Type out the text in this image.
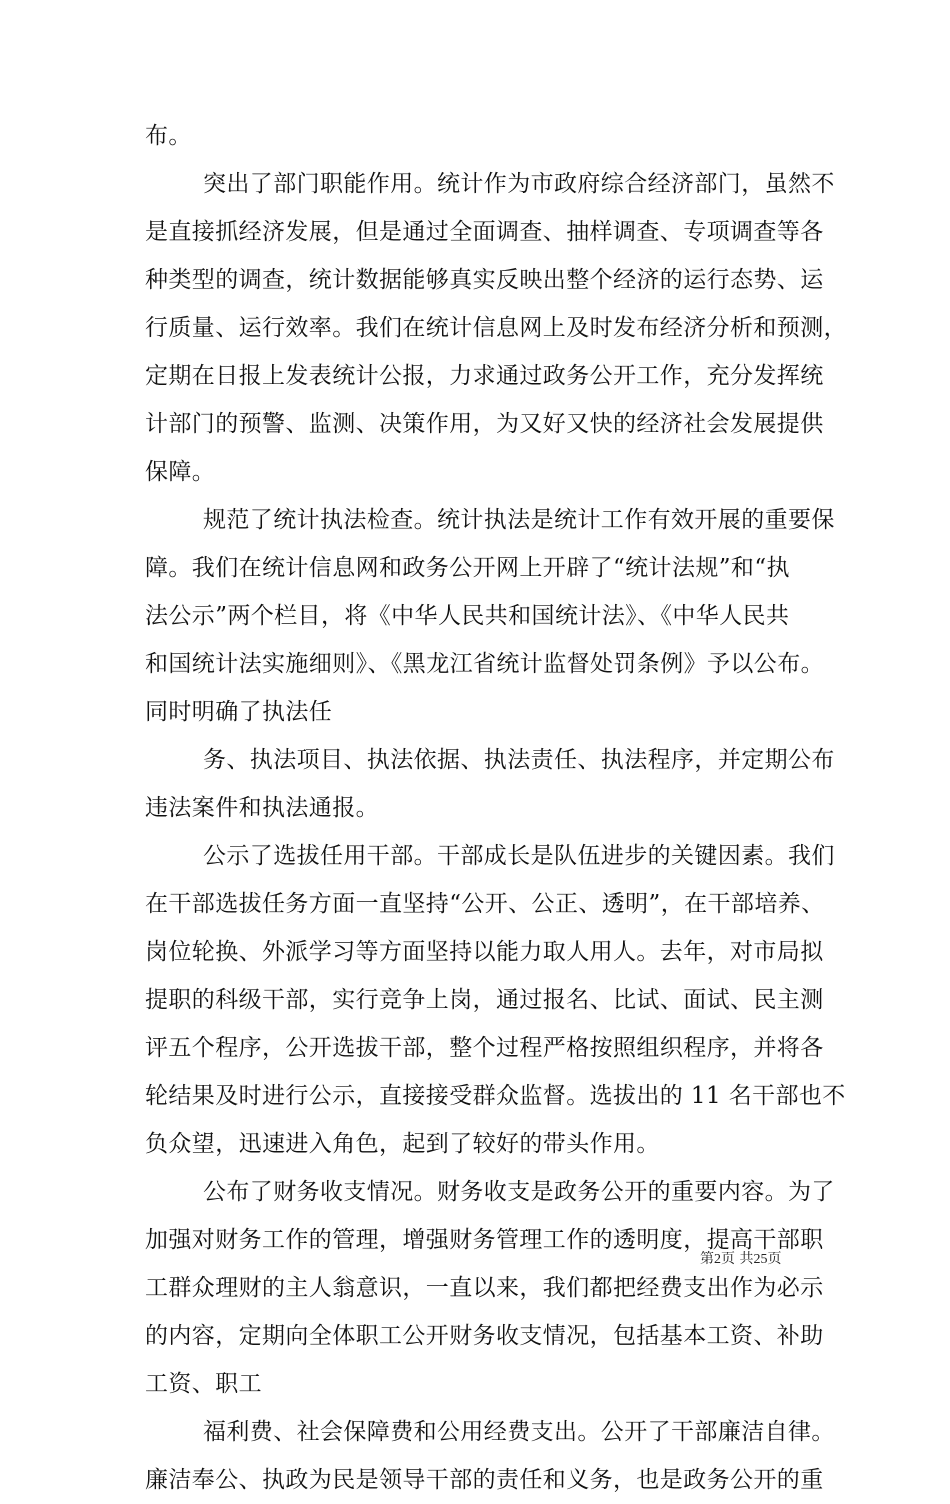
布。
突出了部门职能作用。统计作为市政府综合经济部门，虽然不
是直接抓经济发展，但是通过全面调查、抽样调查、专项调查等各
种类型的调查，统计数据能够真实反映出整个经济的运行态势、运
行质量、运行效率。我们在统计信息网上及时发布经济分析和预测，
定期在日报上发表统计公报，力求通过政务公开工作，充分发挥统
计部门的预警、监测、决策作用，为又好又快的经济社会发展提供
保障。
规范了统计执法检查。统计执法是统计工作有效开展的重要保
障。我们在统计信息网和政务公开网上开辟了“统计法规”和“执
法公示”两个栏目，将《中华人民共和国统计法》、《中华人民共
和国统计法实施细则》、《黑龙江省统计监督处罚条例》予以公布。
同时明确了执法任
务、执法项目、执法依据、执法责任、执法程序，并定期公布
违法案件和执法通报。
公示了选拔任用干部。干部成长是队伍进步的关键因素。我们
在干部选拔任务方面一直坚持“公开、公正、透明”，在干部培养、
岗位轮换、外派学习等方面坚持以能力取人用人。去年，对市局拟
提职的科级干部，实行竞争上岗，通过报名、比试、面试、民主测
评五个程序，公开选拔干部，整个过程严格按照组织程序，并将各
轮结果及时进行公示，直接接受群众监督。选拔出的 11 名干部也不
负众望，迅速进入角色，起到了较好的带头作用。
公布了财务收支情况。财务收支是政务公开的重要内容。为了
加强对财务工作的管理，增强财务管理工作的透明度，提高干部职
工群众理财的主人翁意识，一直以来，我们都把经费支出作为必示
的内容，定期向全体职工公开财务收支情况，包括基本工资、补助
工资、职工
福利费、社会保障费和公用经费支出。公开了干部廉洁自律。
廉洁奉公、执政为民是领导干部的责任和义务，也是政务公开的重
第2页 共25页
